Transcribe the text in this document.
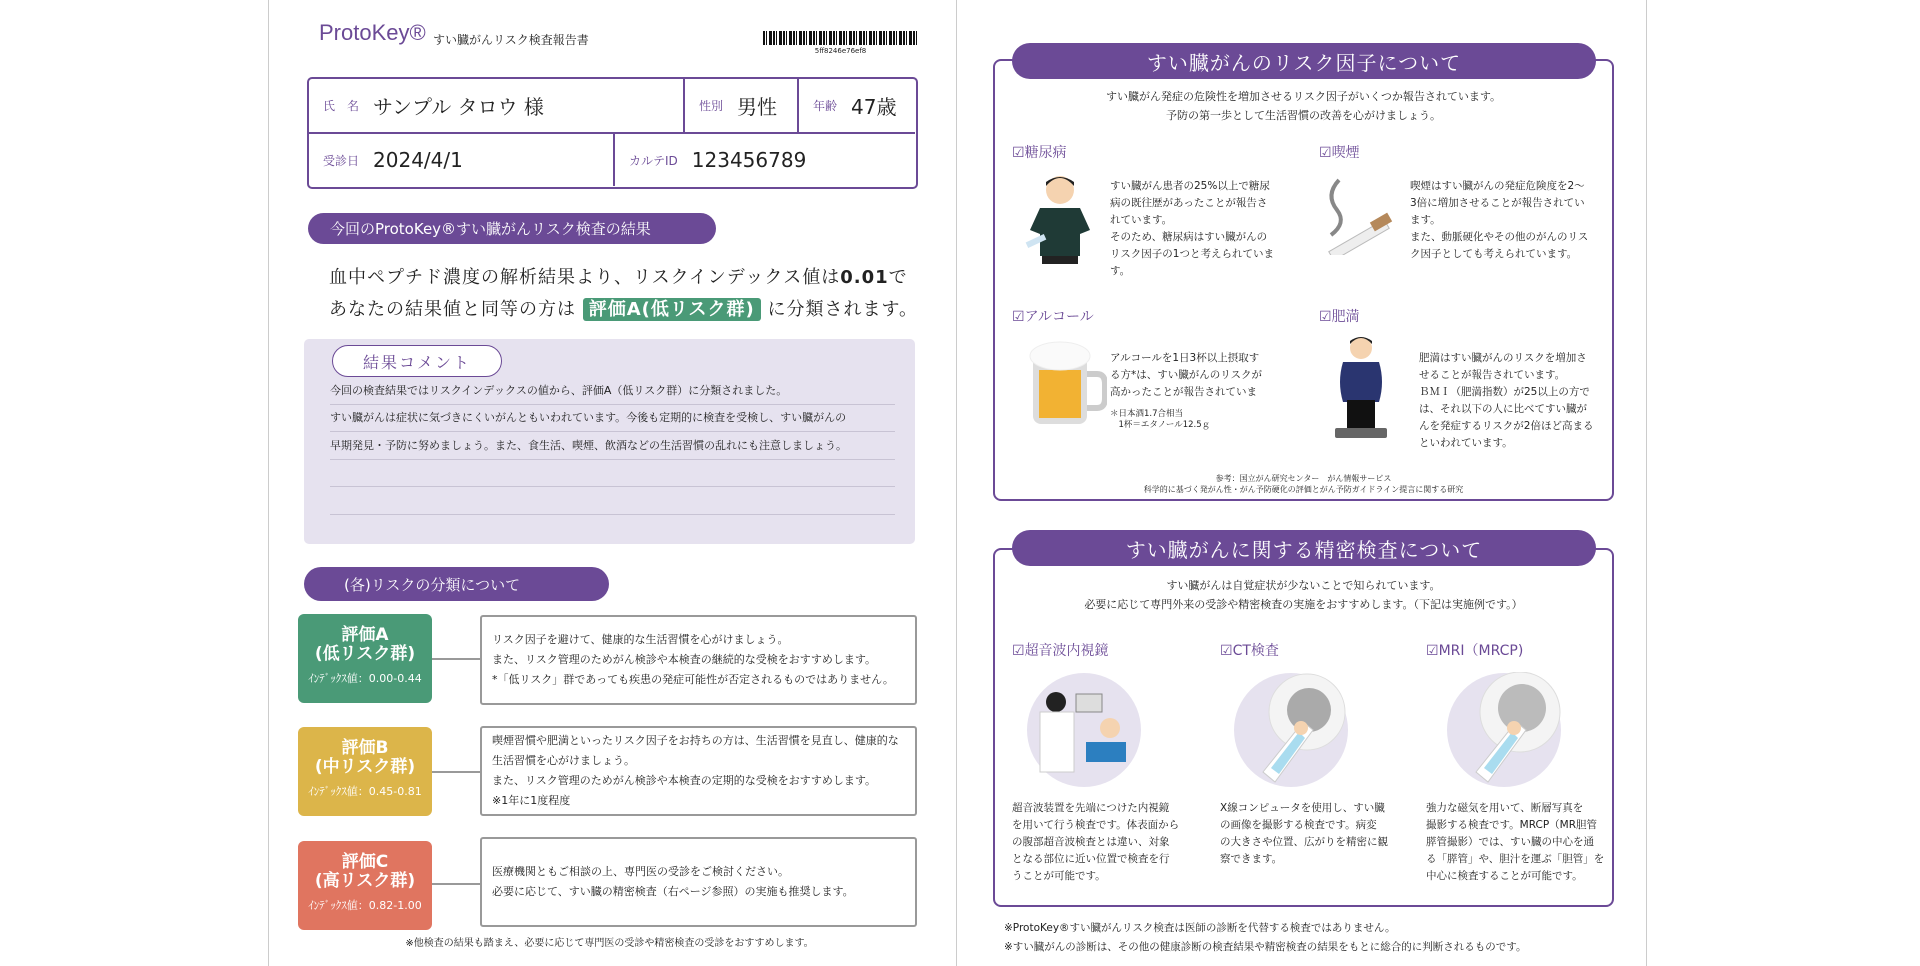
ProtoKey® すい臓がんリスク検査報告書
5ff8246e76ef8
氏　名 サンプル タロウ 様	性別 男性	年齢 47歳
受診日 2024/4/1	カルテID 123456789
今回のProtoKey®すい臓がんリスク検査の結果
血中ペプチド濃度の解析結果より、リスクインデックス値は0.01で
あなたの結果値と同等の方は 評価A(低リスク群) に分類されます。
結果コメント
今回の検査結果ではリスクインデックスの値から、評価A（低リスク群）に分類されました。
すい臓がんは症状に気づきにくいがんともいわれています。今後も定期的に検査を受検し、すい臓がんの
早期発見・予防に努めましょう。また、食生活、喫煙、飲酒などの生活習慣の乱れにも注意しましょう。
(各)リスクの分類について
評価A
(低リスク群)
ｲﾝﾃﾞｯｸｽ値：0.00-0.44
リスク因子を避けて、健康的な生活習慣を心がけましょう。
また、リスク管理のためがん検診や本検査の継続的な受検をおすすめします。
*「低リスク」群であっても疾患の発症可能性が否定されるものではありません。
評価B
(中リスク群)
ｲﾝﾃﾞｯｸｽ値：0.45-0.81
喫煙習慣や肥満といったリスク因子をお持ちの方は、生活習慣を見直し、健康的な
生活習慣を心がけましょう。
また、リスク管理のためがん検診や本検査の定期的な受検をおすすめします。
※1年に1度程度
評価C
(高リスク群)
ｲﾝﾃﾞｯｸｽ値：0.82-1.00
医療機関ともご相談の上、専門医の受診をご検討ください。
必要に応じて、すい臓の精密検査（右ページ参照）の実施も推奨します。
※他検査の結果も踏まえ、必要に応じて専門医の受診や精密検査の受診をおすすめします。
すい臓がんのリスク因子について
すい臓がん発症の危険性を増加させるリスク因子がいくつか報告されています。
予防の第一歩として生活習慣の改善を心がけましょう。
☑糖尿病
すい臓がん患者の25%以上で糖尿
病の既往歴があったことが報告さ
れています。
そのため、糖尿病はすい臓がんの
リスク因子の1つと考えられていま
す。
☑喫煙
喫煙はすい臓がんの発症危険度を2〜
3倍に増加させることが報告されてい
ます。
また、動脈硬化やその他のがんのリス
ク因子としても考えられています。
☑アルコール
アルコールを1日3杯以上摂取す
る方*は、すい臓がんのリスクが
高かったことが報告されていま
＊日本酒1.7合相当
　1杯＝エタノール12.5ｇ
☑肥満
肥満はすい臓がんのリスクを増加さ
せることが報告されています。
ＢＭＩ（肥満指数）が25以上の方で
は、それ以下の人に比べてすい臓が
んを発症するリスクが2倍ほど高まる
といわれています。
参考：国立がん研究センター　がん情報サービス
科学的に基づく発がん性・がん予防硬化の評価とがん予防ガイドライン提言に関する研究
すい臓がんに関する精密検査について
すい臓がんは自覚症状が少ないことで知られています。
必要に応じて専門外来の受診や精密検査の実施をおすすめします。（下記は実施例です。）
☑超音波内視鏡
超音波装置を先端につけた内視鏡
を用いて行う検査です。体表面から
の腹部超音波検査とは違い、対象
となる部位に近い位置で検査を行
うことが可能です。
☑CT検査
X線コンピュータを使用し、すい臓
の画像を撮影する検査です。病変
の大きさや位置、広がりを精密に観
察できます。
☑MRI（MRCP)
強力な磁気を用いて、断層写真を
撮影する検査です。MRCP（MR胆管
膵管撮影）では、すい臓の中心を通
る「膵管」や、胆汁を運ぶ「胆管」を
中心に検査することが可能です。
※ProtoKey®すい臓がんリスク検査は医師の診断を代替する検査ではありません。
※すい臓がんの診断は、その他の健康診断の検査結果や精密検査の結果をもとに総合的に判断されるものです。
